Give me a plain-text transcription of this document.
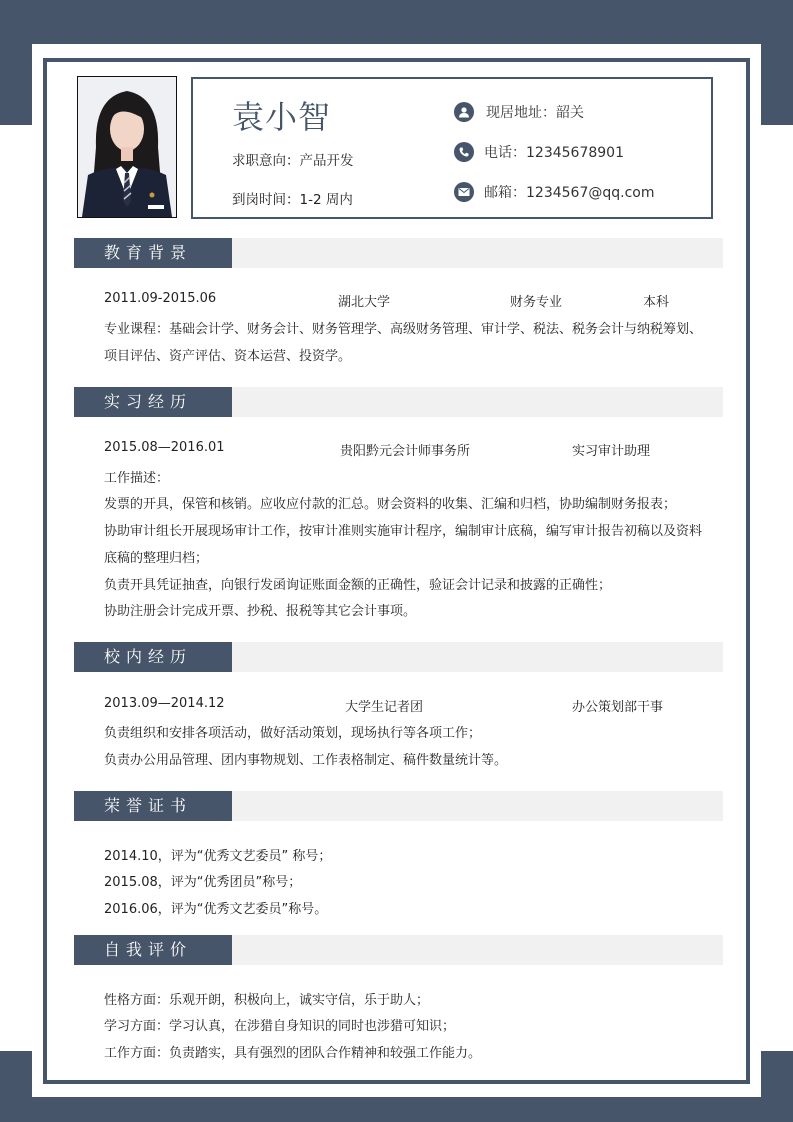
袁小智
求职意向：产品开发
到岗时间：1-2 周内
现居地址：韶关
电话：12345678901
邮箱：1234567@qq.com
教育背景
2011.09-2015.06	湖北大学	财务专业	本科
专业课程：基础会计学、财务会计、财务管理学、高级财务管理、审计学、税法、税务会计与纳税筹划、
项目评估、资产评估、资本运营、投资学。
实习经历
2015.08—2016.01	贵阳黔元会计师事务所	实习审计助理
工作描述：
发票的开具，保管和核销。应收应付款的汇总。财会资料的收集、汇编和归档，协助编制财务报表；
协助审计组长开展现场审计工作，按审计准则实施审计程序，编制审计底稿，编写审计报告初稿以及资料
底稿的整理归档；
负责开具凭证抽查，向银行发函询证账面金额的正确性，验证会计记录和披露的正确性；
协助注册会计完成开票、抄税、报税等其它会计事项。
校内经历
2013.09—2014.12	大学生记者团	办公策划部干事
负责组织和安排各项活动，做好活动策划，现场执行等各项工作；
负责办公用品管理、团内事物规划、工作表格制定、稿件数量统计等。
荣誉证书
2014.10，评为“优秀文艺委员” 称号；
2015.08，评为“优秀团员”称号；
2016.06，评为“优秀文艺委员”称号。
自我评价
性格方面：乐观开朗，积极向上，诚实守信，乐于助人；
学习方面：学习认真，在涉猎自身知识的同时也涉猎可知识；
工作方面：负责踏实，具有强烈的团队合作精神和较强工作能力。
